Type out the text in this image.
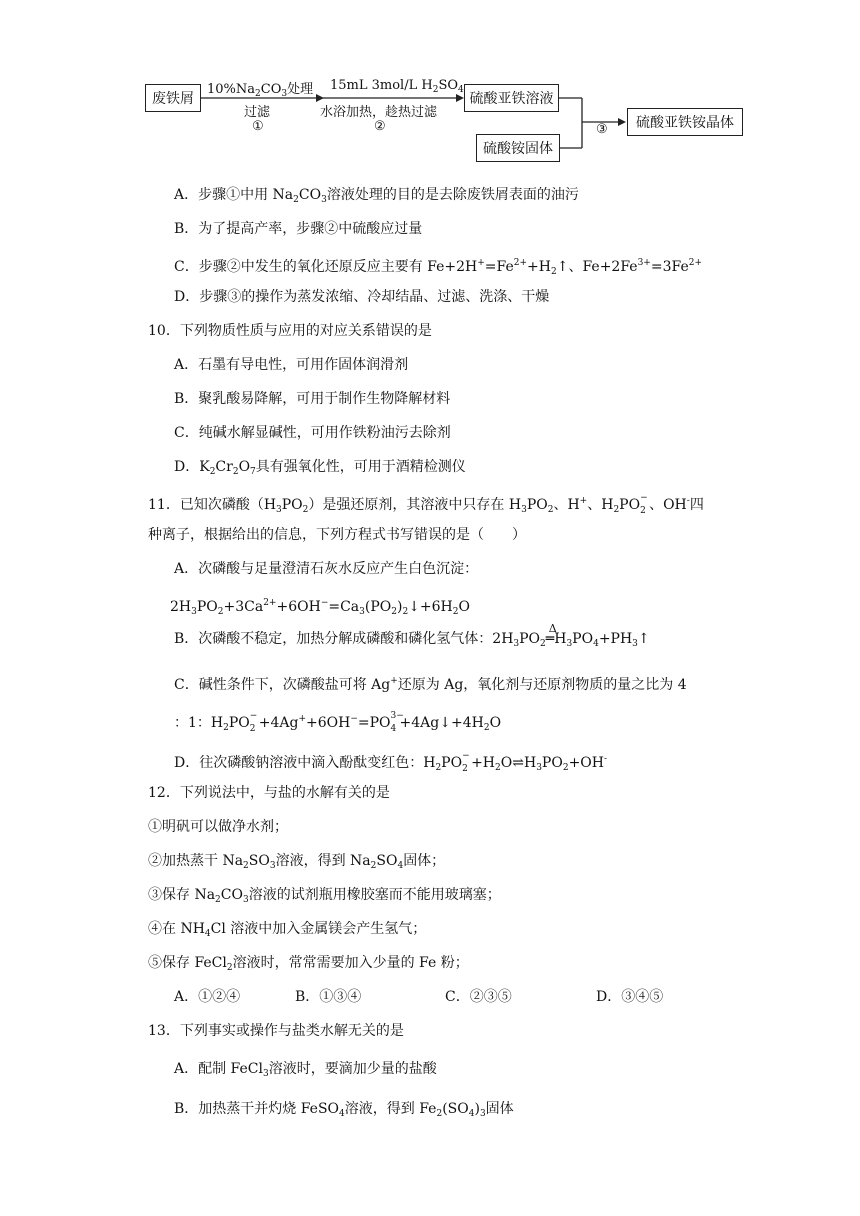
废铁屑
$10\%Na_2CO_3$处理
过滤
①
15mL 3mol/L $H_2SO_4$
水浴加热，趁热过滤
②
硫酸亚铁溶液
硫酸铵固体
③	硫酸亚铁铵晶体
A．步骤①中用 $Na_2CO_3$溶液处理的目的是去除废铁屑表面的油污
B．为了提高产率，步骤②中硫酸应过量
C．步骤②中发生的氧化还原反应主要有 $Fe+2H^+=Fe^{2+}+H_2↑$、$Fe+2Fe^{3+}=3Fe^{2+}$
D．步骤③的操作为蒸发浓缩、冷却结晶、过滤、洗涤、干燥
10．下列物质性质与应用的对应关系错误的是
A．石墨有导电性，可用作固体润滑剂
B．聚乳酸易降解，可用于制作生物降解材料
C．纯碱水解显碱性，可用作铁粉油污去除剂
D．$K_2Cr_2O_7$具有强氧化性，可用于酒精检测仪
11．已知次磷酸$(H_3PO_2)$是强还原剂，其溶液中只存在 $H_3PO_2$、H+、$H_2PO$ −
2 、OH-四
种离子，根据给出的信息，下列方程式书写错误的是（　　）
A．次磷酸与足量澄清石灰水反应产生白色沉淀：
$2H_3PO_2+3Ca^{2+}+6OH^-=Ca_3(PO_2)_2↓+6H_2O$
B．次磷酸不稳定，加热分解成磷酸和磷化氢气体：$2H_3PO_2$
Δ
$═H_3PO_4+PH_3↑$
C．碱性条件下，次磷酸盐可将 Ag+还原为 Ag，氧化剂与还原剂物质的量之比为 4
：1：$H_2PO$ −
2 +4Ag++6OH−=PO 3−
$4 +4Ag↓+4H_2O$
D．往次磷酸钠溶液中滴入酚酞变红色：$H_2PO$ −
$2 +H_2O\rightleftharpoons H_3PO_2+OH^-$
12．下列说法中，与盐的水解有关的是
①明矾可以做净水剂；
②加热蒸干 $Na_2SO_3$溶液，得到 $Na_2SO_4$固体；
③保存 $Na_2CO_3$溶液的试剂瓶用橡胶塞而不能用玻璃塞；
④在 $NH_4Cl$ 溶液中加入金属镁会产生氢气；
⑤保存 FeCl$_2$溶液时，常常需要加入少量的 Fe 粉；
A．①②④	B．①③④	C．②③⑤	D．③④⑤
13．下列事实或操作与盐类水解无关的是
A．配制 FeCl$_3$溶液时，要滴加少量的盐酸
B．加热蒸干并灼烧 FeSO$_4$溶液，得到 $Fe_2(SO_4)_3$固体
